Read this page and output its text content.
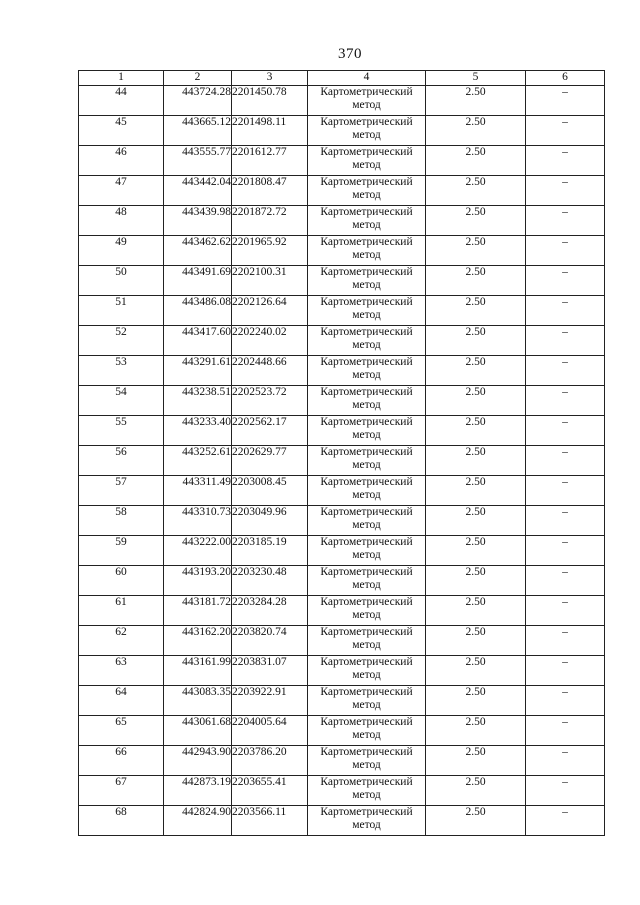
370
1	2	3	4	5	6
44	443724.28	2201450.78	Картометрический метод	2.50	–
45	443665.12	2201498.11	Картометрический метод	2.50	–
46	443555.77	2201612.77	Картометрический метод	2.50	–
47	443442.04	2201808.47	Картометрический метод	2.50	–
48	443439.98	2201872.72	Картометрический метод	2.50	–
49	443462.62	2201965.92	Картометрический метод	2.50	–
50	443491.69	2202100.31	Картометрический метод	2.50	–
51	443486.08	2202126.64	Картометрический метод	2.50	–
52	443417.60	2202240.02	Картометрический метод	2.50	–
53	443291.61	2202448.66	Картометрический метод	2.50	–
54	443238.51	2202523.72	Картометрический метод	2.50	–
55	443233.40	2202562.17	Картометрический метод	2.50	–
56	443252.61	2202629.77	Картометрический метод	2.50	–
57	443311.49	2203008.45	Картометрический метод	2.50	–
58	443310.73	2203049.96	Картометрический метод	2.50	–
59	443222.00	2203185.19	Картометрический метод	2.50	–
60	443193.20	2203230.48	Картометрический метод	2.50	–
61	443181.72	2203284.28	Картометрический метод	2.50	–
62	443162.20	2203820.74	Картометрический метод	2.50	–
63	443161.99	2203831.07	Картометрический метод	2.50	–
64	443083.35	2203922.91	Картометрический метод	2.50	–
65	443061.68	2204005.64	Картометрический метод	2.50	–
66	442943.90	2203786.20	Картометрический метод	2.50	–
67	442873.19	2203655.41	Картометрический метод	2.50	–
68	442824.90	2203566.11	Картометрический метод	2.50	–
